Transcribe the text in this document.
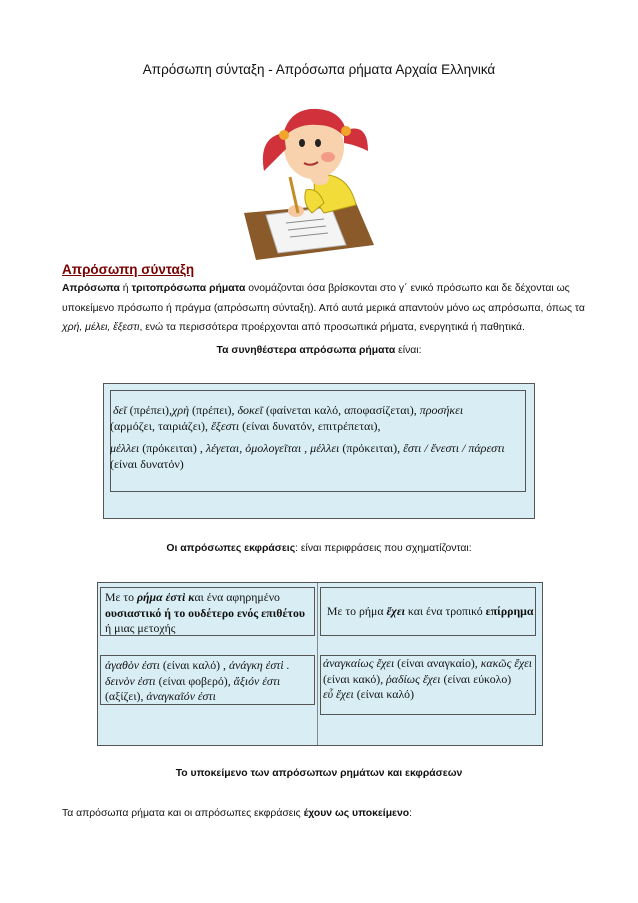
Απρόσωπη σύνταξη - Απρόσωπα ρήματα Αρχαία Ελληνικά
Απρόσωπη σύνταξη
Απρόσωπα ή τριτοπρόσωπα ρήματα ονομάζονται όσα βρίσκονται στο γ΄ ενικό πρόσωπο και δε δέχονται ως υποκείμενο πρόσωπο ή πράγμα (απρόσωπη σύνταξη). Από αυτά μερικά απαντούν μόνο ως απρόσωπα, όπως τα χρή, μέλει, ἔξεστι, ενώ τα περισσότερα προέρχονται από προσωπικά ρήματα, ενεργητικά ή παθητικά.
Τα συνηθέστερα απρόσωπα ρήματα είναι:

δεῖ (πρέπει),χρὴ (πρέπει), δοκεῖ (φαίνεται καλό, αποφασίζεται), προσήκει (αρμόζει, ταιριάζει), ἔξεστι (είναι δυνατόν, επιτρέπεται),

μέλλει (πρόκειται) , λέγεται, ὁμολογεῖται , μέλλει (πρόκειται), ἔστι / ἔνεστι / πάρεστι (είναι δυνατόν)

Οι απρόσωπες εκφράσεις: είναι περιφράσεις που σχηματίζονται:
Με το ρήμα ἐστὶ και ένα αφηρημένο ουσιαστικό ή το ουδέτερο ενός επιθέτου ή μιας μετοχής
Με το ρήμα ἔχει και ένα τροπικό επίρρημα
ἀγαθὸν ἐστι (είναι καλό) , ἀνάγκη ἐστὶ . δεινὸν ἐστι (είναι φοβερό), ἄξιόν ἐστι (αξίζει), ἀναγκαῖόν ἐστι
ἀναγκαίως ἔχει (είναι αναγκαίο), κακῶς ἔχει (είναι κακό), ῥαδίως ἔχει (είναι εύκολο)
εὖ ἔχει (είναι καλό)
Το υποκείμενο των απρόσωπων ρημάτων και εκφράσεων
Τα απρόσωπα ρήματα και οι απρόσωπες εκφράσεις έχουν ως υποκείμενο:
